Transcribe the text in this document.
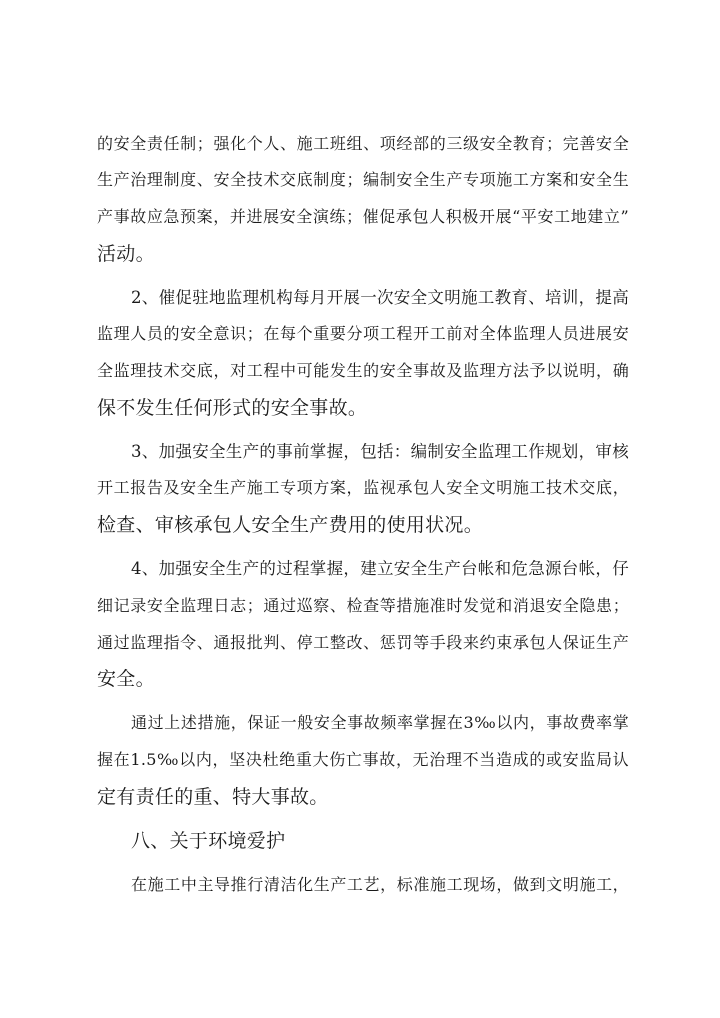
的安全责任制；强化个人、施工班组、项经部的三级安全教育；完善安全
生产治理制度、安全技术交底制度；编制安全生产专项施工方案和安全生
产事故应急预案，并进展安全演练；催促承包人积极开展“平安工地建立”
活动。
2、催促驻地监理机构每月开展一次安全文明施工教育、培训，提高
监理人员的安全意识；在每个重要分项工程开工前对全体监理人员进展安
全监理技术交底，对工程中可能发生的安全事故及监理方法予以说明，确
保不发生任何形式的安全事故。
3、加强安全生产的事前掌握，包括：编制安全监理工作规划，审核
开工报告及安全生产施工专项方案，监视承包人安全文明施工技术交底，
检查、审核承包人安全生产费用的使用状况。
4、加强安全生产的过程掌握，建立安全生产台帐和危急源台帐，仔
细记录安全监理日志；通过巡察、检查等措施准时发觉和消退安全隐患；
通过监理指令、通报批判、停工整改、惩罚等手段来约束承包人保证生产
安全。
通过上述措施，保证一般安全事故频率掌握在3‰以内，事故费率掌
握在1.5‰以内，坚决杜绝重大伤亡事故，无治理不当造成的或安监局认
定有责任的重、特大事故。
八、关于环境爱护
在施工中主导推行清洁化生产工艺，标准施工现场，做到文明施工，
